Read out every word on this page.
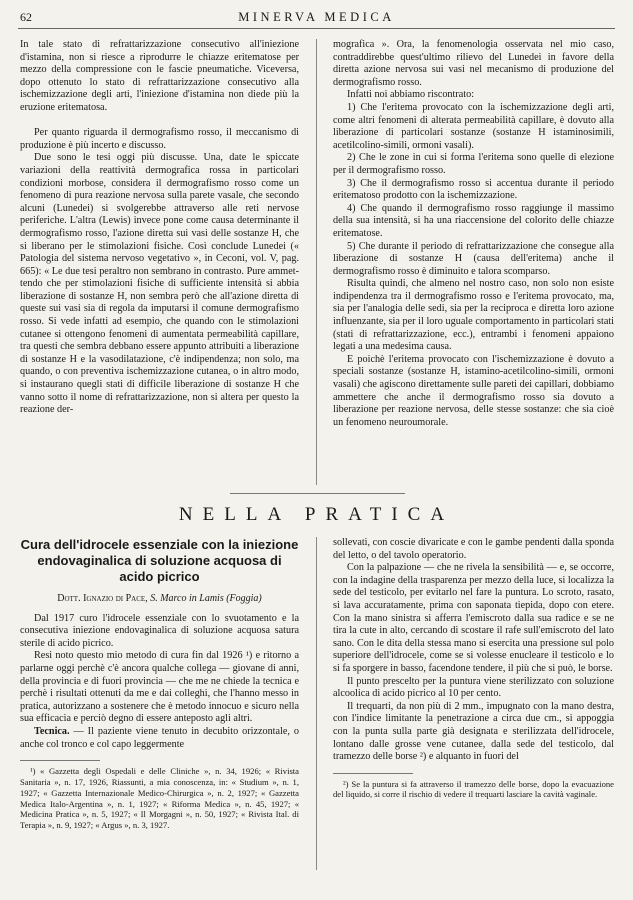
62	MINERVA MEDICA

In tale stato di refrattarizzazione consecutivo all'iniezione d'istamina, non si riesce a riprodurre le chiazze eritematose per mezzo della compressione con le fascie pneumatiche. Viceversa, dopo ottenuto lo stato di refrattarizzazione consecutivo alla ischemizzazione degli arti, l'iniezione d'istamina non diede più la eruzione eritematosa.

Per quanto riguarda il dermografismo rosso, il meccanismo di produzione è più incerto e discusso.

Due sono le tesi oggi più discusse. Una, date le spiccate variazioni della reattività dermografica rossa in particolari condizioni morbose, considera il dermografismo rosso come un fenomeno di pura reazione nervosa sulla parete vasale, che secondo alcuni (Lunedei) si svolgerebbe attraverso alle reti nervose periferiche. L'altra (Lewis) invece pone come causa determinante il dermografismo rosso, l'azione diretta sui vasi delle sostanze H, che si liberano per le stimolazioni fisiche. Così conclude Lunedei (« Patologia del sistema nervoso vegetativo », in Ceconi, vol. V, pag. 665): « Le due tesi peraltro non sembrano in contrasto. Pure ammettendo che per stimolazioni fisiche di sufficiente intensità si abbia liberazione di sostanze H, non sembra però che all'azione diretta di queste sui vasi sia di regola da imputarsi il comune dermografismo rosso. Si vede infatti ad esempio, che quando con le stimolazioni cutanee si ottengono fenomeni di aumentata permeabilità capillare, tra questi che sembra debbano essere appunto attribuiti a liberazione di sostanze H e la vasodilatazione, c'è indipendenza; non solo, ma quando, o con preventiva ischemizzazione cutanea, o in altro modo, si instaurano quegli stati di difficile liberazione di sostanze H che vanno sotto il nome di refrattarizzazione, non si altera per questo la reazione der-

mografica ». Ora, la fenomenologia osservata nel mio caso, contraddirebbe quest'ultimo rilievo del Lunedei in favore della diretta azione nervosa sui vasi nel mecanismo di produzione del dermografismo rosso.

Infatti noi abbiamo riscontrato:

1) Che l'eritema provocato con la ischemizzazione degli arti, come altri fenomeni di alterata permeabilità capillare, è dovuto alla liberazione di particolari sostanze (sostanze H istaminosimili, acetilcolino-simili, ormoni vasali).

2) Che le zone in cui si forma l'eritema sono quelle di elezione per il dermografismo rosso.

3) Che il dermografismo rosso si accentua durante il periodo eritematoso prodotto con la ischemizzazione.

4) Che quando il dermografismo rosso raggiunge il massimo della sua intensità, si ha una riaccensione del colorito delle chiazze eritematose.

5) Che durante il periodo di refrattarizzazione che consegue alla liberazione di sostanze H (causa dell'eritema) anche il dermografismo rosso è diminuito e talora scomparso.

Risulta quindi, che almeno nel nostro caso, non solo non esiste indipendenza tra il dermografismo rosso e l'eritema provocato, ma, sia per l'analogia delle sedi, sia per la reciproca e diretta loro azione influenzante, sia per il loro uguale comportamento in particolari stati (stati di refrattarizzazione, ecc.), entrambi i fenomeni appaiono legati a una medesima causa.

E poichè l'eritema provocato con l'ischemizzazione è dovuto a speciali sostanze (sostanze H, istamino-acetilcolino-simili, ormoni vasali) che agiscono direttamente sulle pareti dei capillari, dobbiamo ammettere che anche il dermografismo rosso sia dovuto a liberazione per reazione nervosa, delle stesse sostanze: che sia cioè un fenomeno neuroumorale.

NELLA PRATICA
Cura dell'idrocele essenziale con la iniezione endovaginalica di soluzione acquosa di acido picrico
Dott. Ignazio di Pace, S. Marco in Lamis (Foggia)

Dal 1917 curo l'idrocele essenziale con lo svuotamento e la consecutiva iniezione endovaginalica di soluzione acquosa satura sterile di acido picrico.

Resi noto questo mio metodo di cura fin dal 1926 ¹) e ritorno a parlarne oggi perchè c'è ancora qualche collega — giovane di anni, della provincia e di fuori provincia — che me ne chiede la tecnica e perchè i risultati ottenuti da me e dai colleghi, che l'hanno messo in pratica, autorizzano a sostenere che è metodo innocuo e sicuro nella sua efficacia e perciò degno di essere anteposto agli altri.

Tecnica. — Il paziente viene tenuto in decubito orizzontale, o anche col tronco e col capo leggermente

¹) « Gazzetta degli Ospedali e delle Cliniche », n. 34, 1926; « Rivista Sanitaria », n. 17, 1926, Riassunti, a mia conoscenza, in: « Studium », n. 1, 1927; « Gazzetta Internazionale Medico-Chirurgica », n. 2, 1927; « Gazzetta Medica Italo-Argentina », n. 1, 1927; « Riforma Medica », n. 45, 1927; « Medicina Pratica », n. 5, 1927; « Il Morgagni », n. 50, 1927; « Rivista Ital. di Terapia », n. 9, 1927; « Argus », n. 3, 1927.

sollevati, con coscie divaricate e con le gambe pendenti dalla sponda del letto, o del tavolo operatorio.

Con la palpazione — che ne rivela la sensibilità — e, se occorre, con la indagine della trasparenza per mezzo della luce, si localizza la sede del testicolo, per evitarlo nel fare la puntura. Lo scroto, rasato, si lava accuratamente, prima con saponata tiepida, dopo con etere. Con la mano sinistra si afferra l'emiscroto dalla sua radice e se ne tira la cute in alto, cercando di scostare il rafe sull'emiscroto del lato sano. Con le dita della stessa mano si esercita una pressione sul polo superiore dell'idrocele, come se si volesse enucleare il testicolo e lo si fa sporgere in basso, facendone tendere, il più che si può, le borse.

Il punto prescelto per la puntura viene sterilizzato con soluzione alcoolica di acido picrico al 10 per cento.

Il trequarti, da non più di 2 mm., impugnato con la mano destra, con l'indice limitante la penetrazione a circa due cm., si appoggia con la punta sulla parte già designata e sterilizzata dell'idrocele, lontano dalle grosse vene cutanee, dalla sede del testicolo, dal tramezzo delle borse ²) e alquanto in fuori del

²) Se la puntura si fa attraverso il tramezzo delle borse, dopo la evacuazione del liquido, si corre il rischio di vedere il trequarti lasciare la cavità vaginale.
